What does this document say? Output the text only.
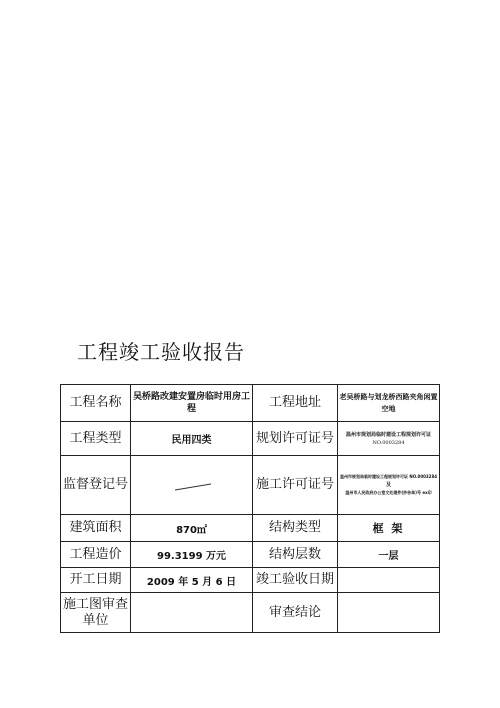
工程竣工验收报告
工程名称	吴桥路改建安置房临时用房工程	工程地址	老吴桥路与划龙桥西路夹角闲置空地
工程类型	民用四类	规划许可证号	温州市规划局临时建设工程规划许可证
NO.0003284

监督登记号		施工许可证号	温州市规划局临时建设工程规划许可证 NO.0003284
及
温州市人民政府办公室文处理件(抄告单)号 ex印

建筑面积	870㎡	结构类型	框 架
工程造价	99.3199 万元	结构层数	一层
开工日期	2009 年 5 月 6 日	竣工验收日期	

施工图审查
单位		审查结论	
